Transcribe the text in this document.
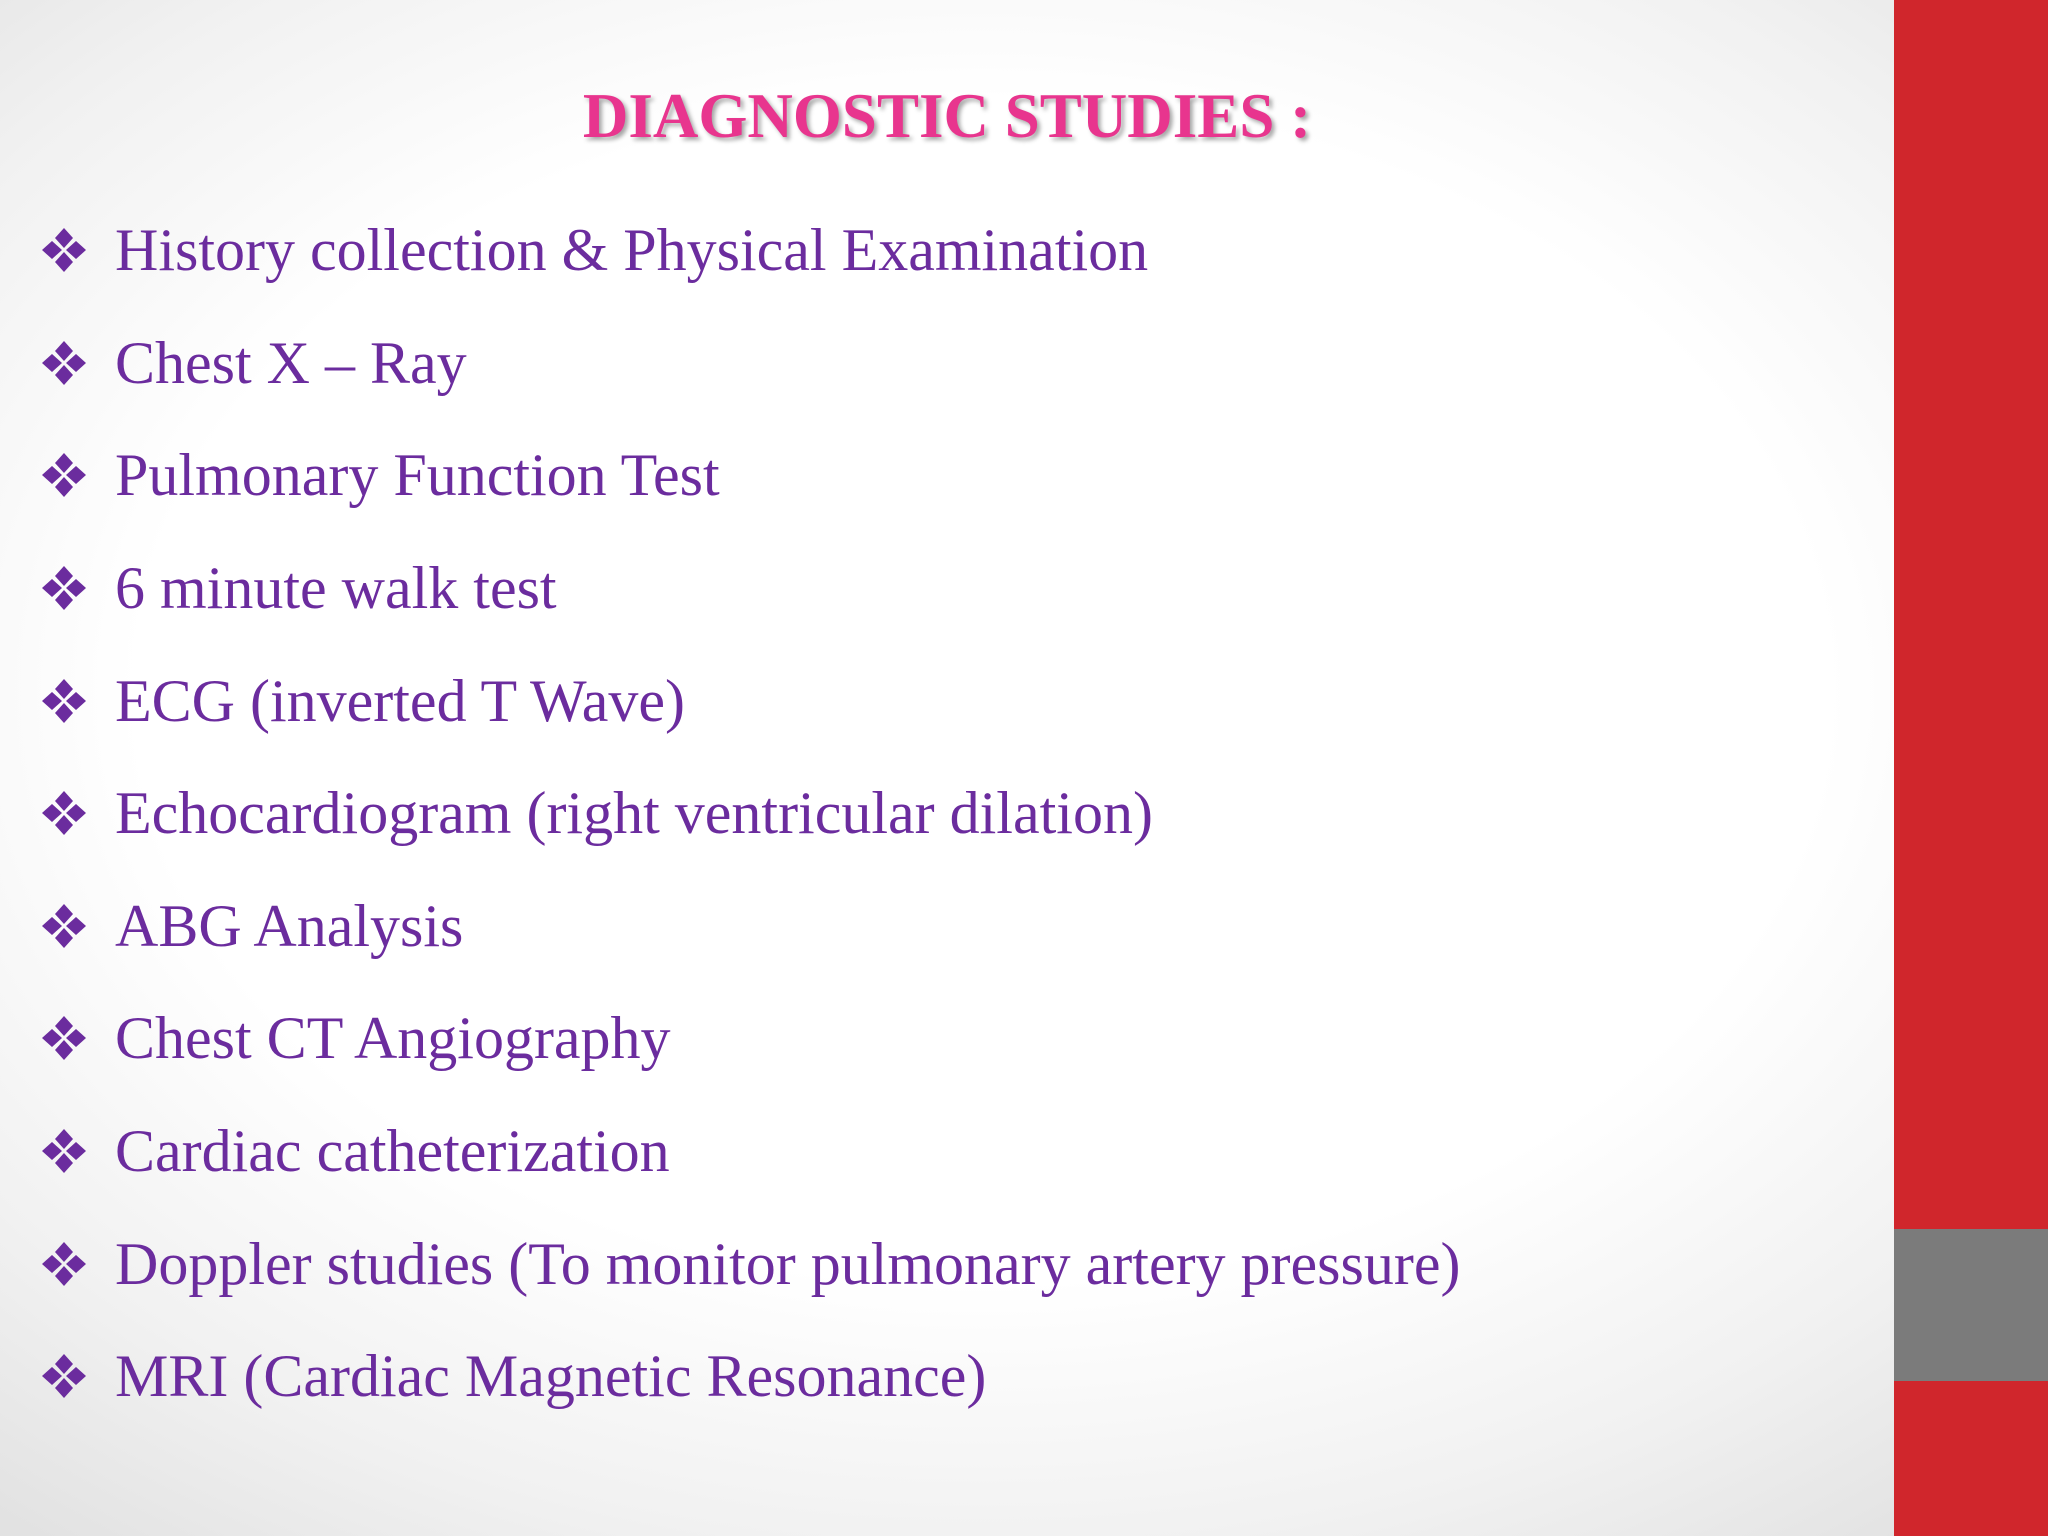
DIAGNOSTIC STUDIES :
History collection & Physical Examination
Chest X – Ray
Pulmonary Function Test
6 minute walk test
ECG (inverted T Wave)
Echocardiogram (right ventricular dilation)
ABG Analysis
Chest CT Angiography
Cardiac catheterization
Doppler studies (To monitor pulmonary artery pressure)
MRI (Cardiac Magnetic Resonance)
